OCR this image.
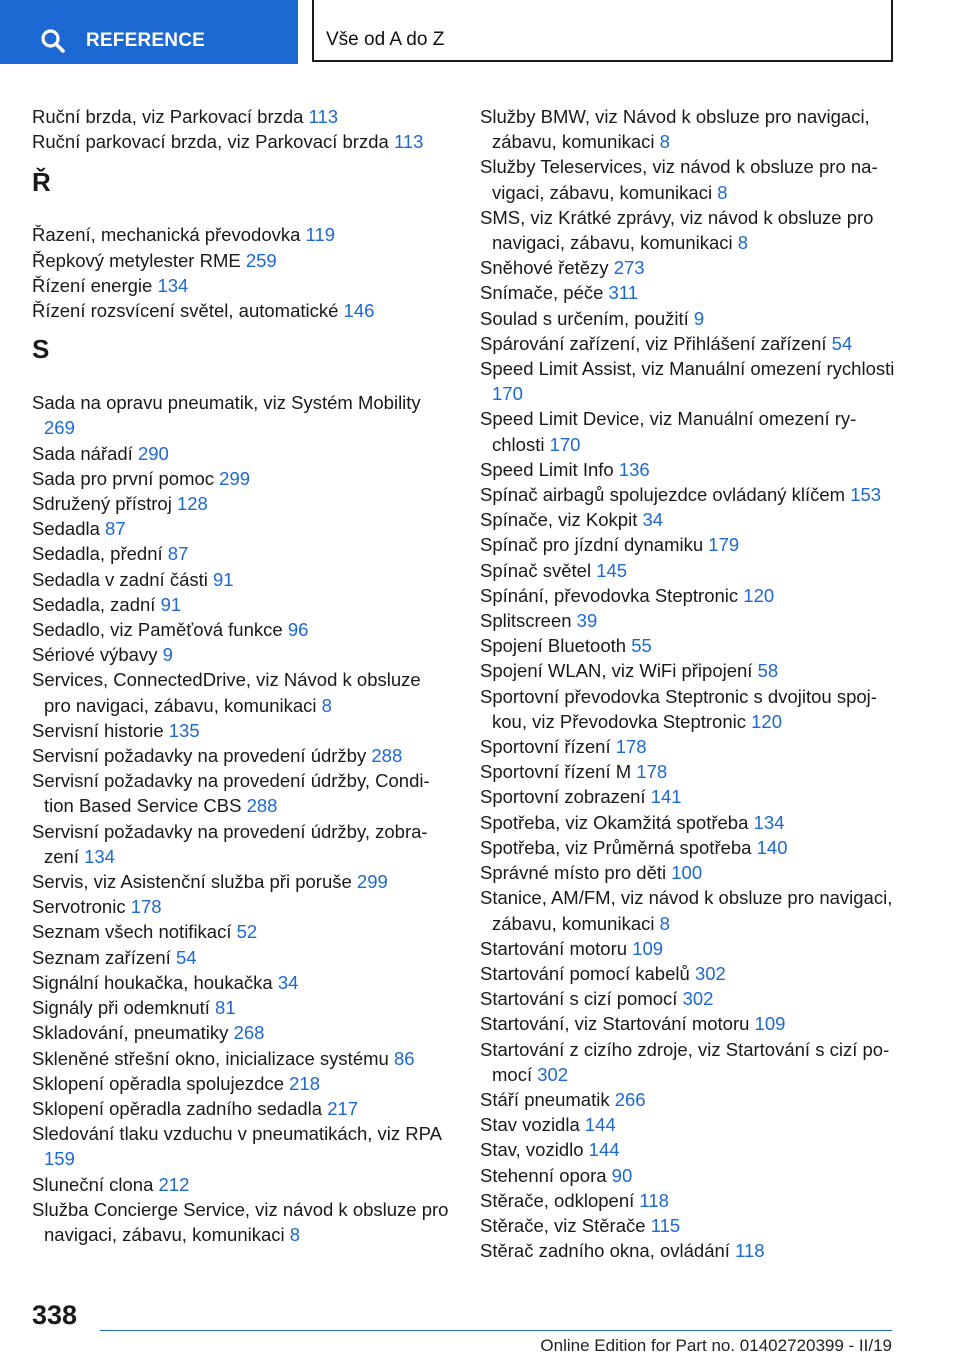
REFERENCE	Vše od A do Z

Ruční brzda, viz Parkovací brzda 113

Ruční parkovací brzda, viz Parkovací brzda 113

Ř

Řazení, mechanická převodovka 119

Řepkový metylester RME 259

Řízení energie 134

Řízení rozsvícení světel, automatické 146

S

Sada na opravu pneumatik, viz Systém Mobility 269

Sada nářadí 290

Sada pro první pomoc 299

Sdružený přístroj 128

Sedadla 87

Sedadla, přední 87

Sedadla v zadní části 91

Sedadla, zadní 91

Sedadlo, viz Paměťová funkce 96

Sériové výbavy 9

Services, ConnectedDrive, viz Návod k obsluze pro navigaci, zábavu, komunikaci 8

Servisní historie 135

Servisní požadavky na provedení údržby 288

Servisní požadavky na provedení údržby, Condition Based Service CBS 288

Servisní požadavky na provedení údržby, zobrazení 134

Servis, viz Asistenční služba při poruše 299

Servotronic 178

Seznam všech notifikací 52

Seznam zařízení 54

Signální houkačka, houkačka 34

Signály při odemknutí 81

Skladování, pneumatiky 268

Skleněné střešní okno, inicializace systému 86

Sklopení opěradla spolujezdce 218

Sklopení opěradla zadního sedadla 217

Sledování tlaku vzduchu v pneumatikách, viz RPA 159

Sluneční clona 212

Služba Concierge Service, viz návod k obsluze pro navigaci, zábavu, komunikaci 8

Služby BMW, viz Návod k obsluze pro navigaci, zábavu, komunikaci 8

Služby Teleservices, viz návod k obsluze pro navigaci, zábavu, komunikaci 8

SMS, viz Krátké zprávy, viz návod k obsluze pro navigaci, zábavu, komunikaci 8

Sněhové řetězy 273

Snímače, péče 311

Soulad s určením, použití 9

Spárování zařízení, viz Přihlášení zařízení 54

Speed Limit Assist, viz Manuální omezení rychlosti 170

Speed Limit Device, viz Manuální omezení rychlosti 170

Speed Limit Info 136

Spínač airbagů spolujezdce ovládaný klíčem 153

Spínače, viz Kokpit 34

Spínač pro jízdní dynamiku 179

Spínač světel 145

Spínání, převodovka Steptronic 120

Splitscreen 39

Spojení Bluetooth 55

Spojení WLAN, viz WiFi připojení 58

Sportovní převodovka Steptronic s dvojitou spojkou, viz Převodovka Steptronic 120

Sportovní řízení 178

Sportovní řízení M 178

Sportovní zobrazení 141

Spotřeba, viz Okamžitá spotřeba 134

Spotřeba, viz Průměrná spotřeba 140

Správné místo pro děti 100

Stanice, AM/FM, viz návod k obsluze pro navigaci, zábavu, komunikaci 8

Startování motoru 109

Startování pomocí kabelů 302

Startování s cizí pomocí 302

Startování, viz Startování motoru 109

Startování z cizího zdroje, viz Startování s cizí pomocí 302

Stáří pneumatik 266

Stav vozidla 144

Stav, vozidlo 144

Stehenní opora 90

Stěrače, odklopení 118

Stěrače, viz Stěrače 115

Stěrač zadního okna, ovládání 118

338
Online Edition for Part no. 01402720399 - II/19
